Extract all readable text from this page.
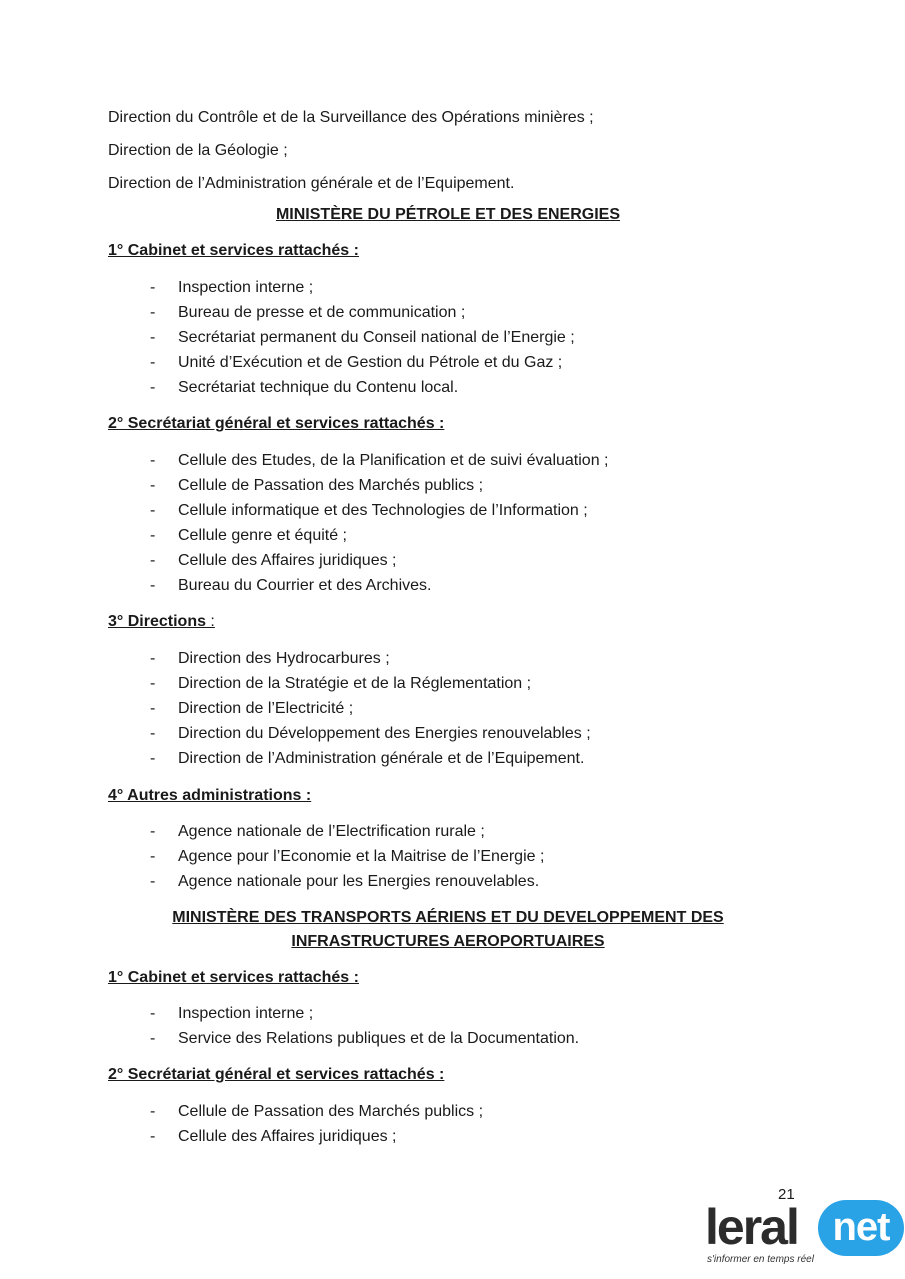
Direction du Contrôle et de la Surveillance des Opérations minières ;
Direction de la Géologie ;
Direction de l’Administration générale et de l’Equipement.
MINISTÈRE DU PÉTROLE ET DES ENERGIES
1° Cabinet et services rattachés :
- Inspection interne ;
- Bureau de presse et de communication ;
- Secrétariat permanent du Conseil national de l’Energie ;
- Unité d’Exécution et de Gestion du Pétrole et du Gaz ;
- Secrétariat technique du Contenu local.
2° Secrétariat général et services rattachés :
- Cellule des Etudes, de la Planification et de suivi évaluation ;
- Cellule de Passation des Marchés publics ;
- Cellule informatique et des Technologies de l’Information ;
- Cellule genre et équité ;
- Cellule des Affaires juridiques ;
- Bureau du Courrier et des Archives.
3° Directions :
- Direction des Hydrocarbures ;
- Direction de la Stratégie et de la Réglementation ;
- Direction de l’Electricité ;
- Direction du Développement des Energies renouvelables ;
- Direction de l’Administration générale et de l’Equipement.
4° Autres administrations :
- Agence nationale de l’Electrification rurale ;
- Agence pour l’Economie et la Maitrise de l’Energie ;
- Agence nationale pour les Energies renouvelables.
MINISTÈRE DES TRANSPORTS AÉRIENS ET DU DEVELOPPEMENT DES
INFRASTRUCTURES AEROPORTUAIRES
1° Cabinet et services rattachés :
- Inspection interne ;
- Service des Relations publiques et de la Documentation.
2° Secrétariat général et services rattachés :
- Cellule de Passation des Marchés publics ;
- Cellule des Affaires juridiques ;
21
leral net
s'informer en temps réel
